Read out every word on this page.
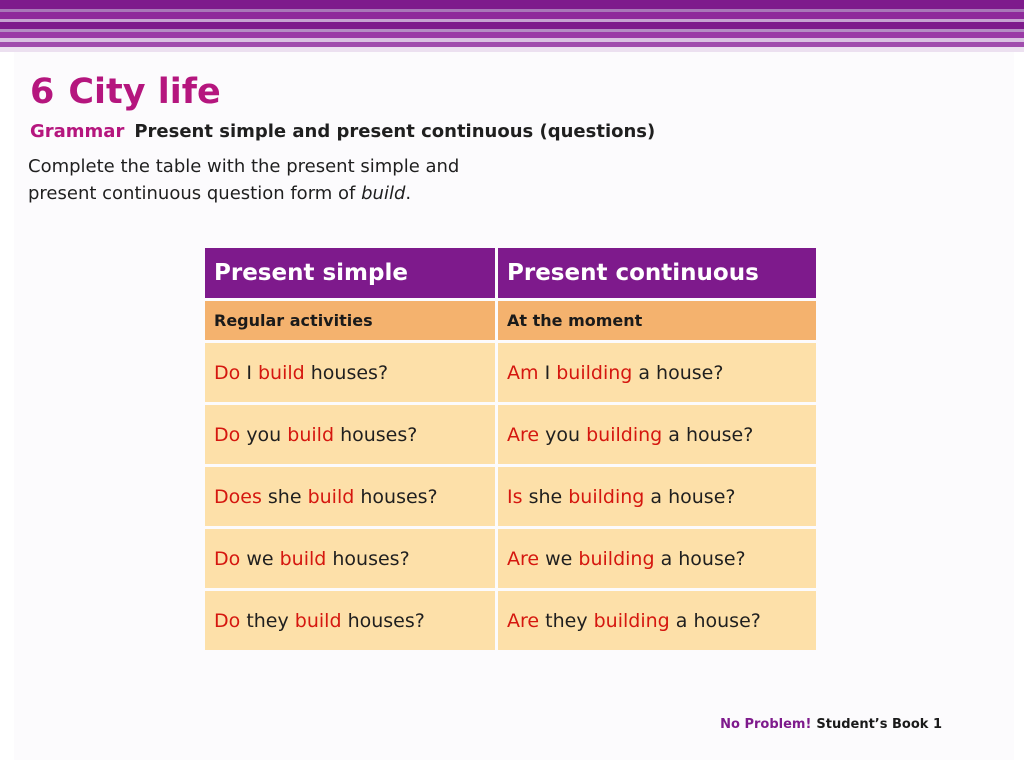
6 City life
Grammar Present simple and present continuous (questions)
Complete the table with the present simple and
present continuous question form of build.
Present simple	Present continuous
Regular activities	At the moment
Do I build houses?	Am I building a house?
Do you build houses?	Are you building a house?
Does she build houses?	Is she building a house?
Do we build houses?	Are we building a house?
Do they build houses?	Are they building a house?
No Problem! Student’s Book 1
